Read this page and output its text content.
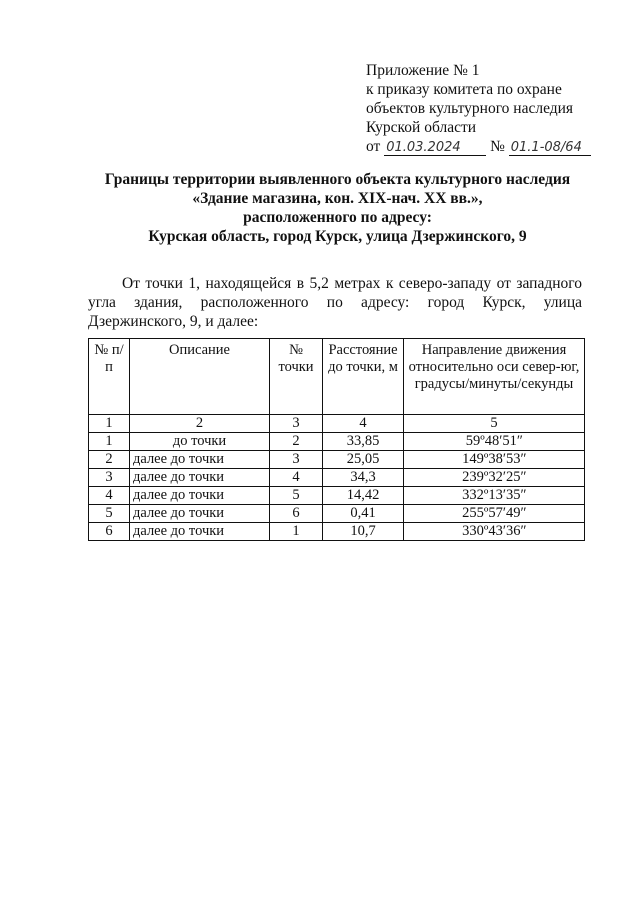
Приложение № 1
к приказу комитета по охране
объектов культурного наследия
Курской области
от 01.03.2024 № 01.1-08/64
Границы территории выявленного объекта культурного наследия
«Здание магазина, кон. XIX-нач. XX вв.»,
расположенного по адресу:
Курская область, город Курск, улица Дзержинского, 9
От точки 1, находящейся в 5,2 метрах к северо-западу от западного угла здания, расположенного по адресу: город Курск, улица Дзержинского, 9, и далее:
№ п/п	Описание	№ точки	Расстояние до точки, м	Направление движения относительно оси север-юг, градусы/минуты/секунды
1	2	3	4	5
1	до точки	2	33,85	59º48ʹ51ʺ
2	далее до точки	3	25,05	149º38ʹ53ʺ
3	далее до точки	4	34,3	239º32ʹ25ʺ
4	далее до точки	5	14,42	332º13ʹ35ʺ
5	далее до точки	6	0,41	255º57ʹ49ʺ
6	далее до точки	1	10,7	330º43ʹ36ʺ
